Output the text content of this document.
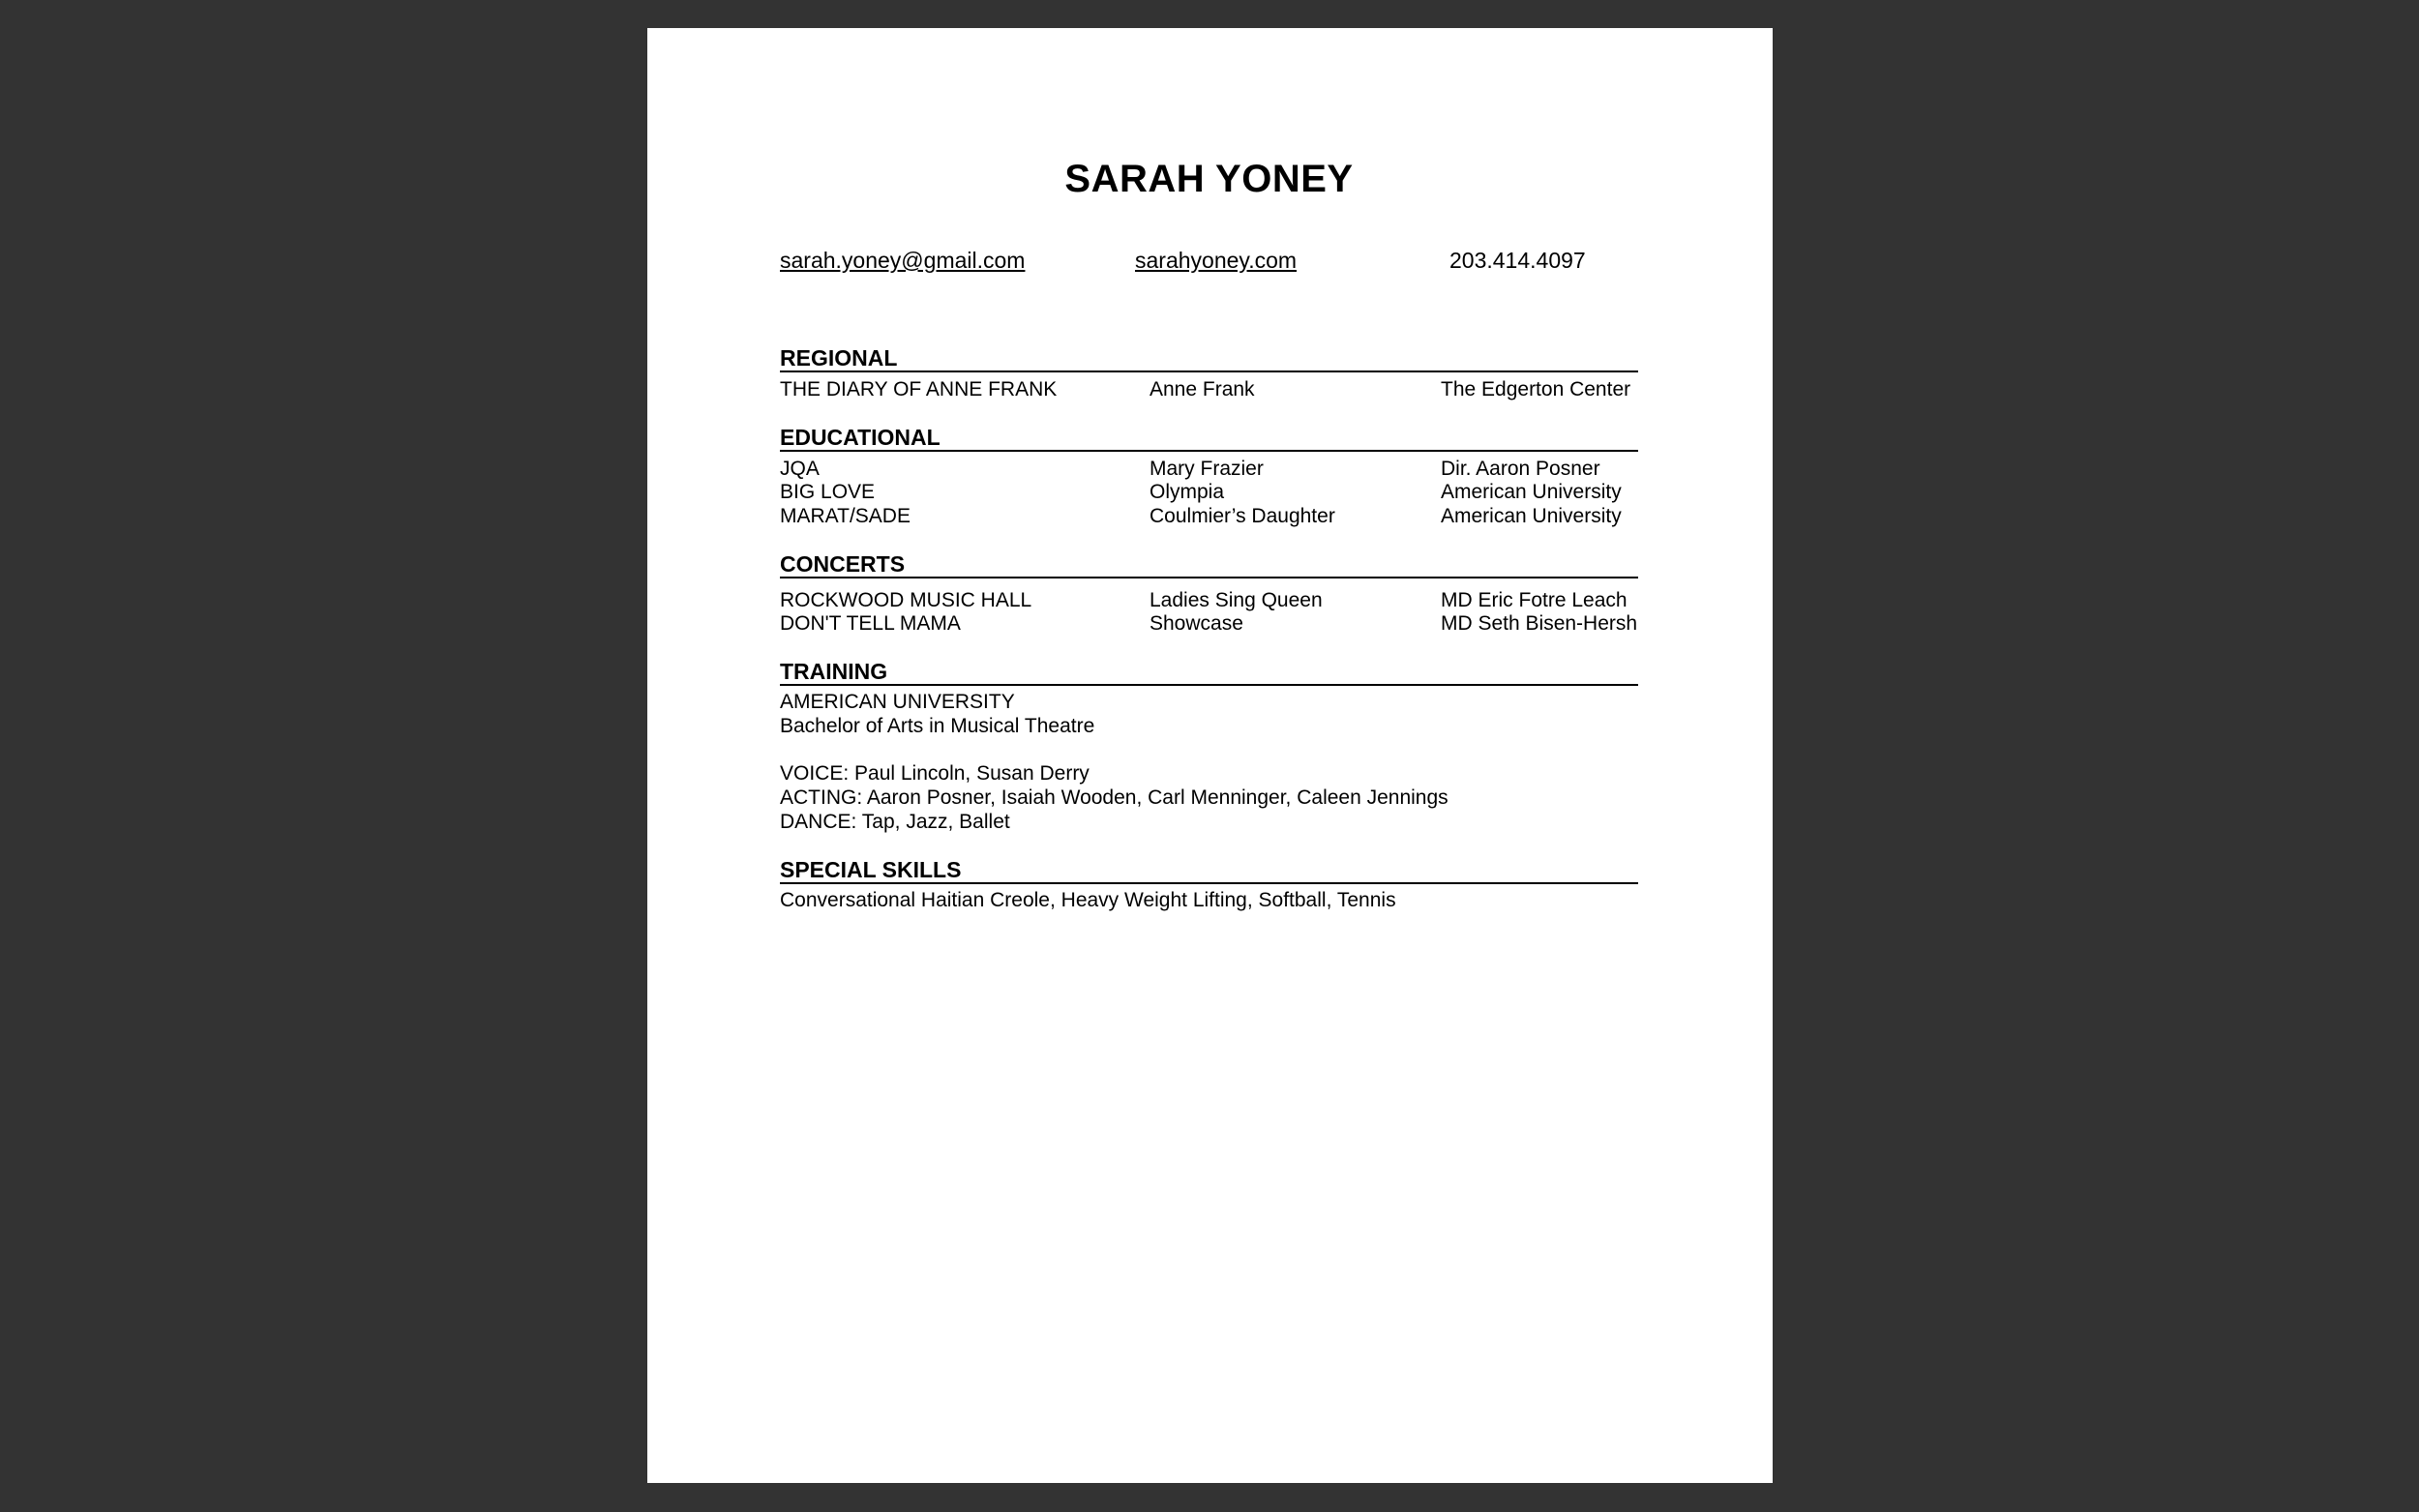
SARAH YONEY
sarah.yoney@gmail.com	sarahyoney.com	203.414.4097
REGIONAL
THE DIARY OF ANNE FRANK	Anne Frank	The Edgerton Center
EDUCATIONAL
JQA	Mary Frazier	Dir. Aaron Posner
BIG LOVE	Olympia	American University
MARAT/SADE	Coulmier’s Daughter	American University
CONCERTS
ROCKWOOD MUSIC HALL	Ladies Sing Queen	MD Eric Fotre Leach
DON'T TELL MAMA	Showcase	MD Seth Bisen-Hersh
TRAINING
AMERICAN UNIVERSITY
Bachelor of Arts in Musical Theatre
VOICE: Paul Lincoln, Susan Derry
ACTING: Aaron Posner, Isaiah Wooden, Carl Menninger, Caleen Jennings
DANCE: Tap, Jazz, Ballet
SPECIAL SKILLS
Conversational Haitian Creole, Heavy Weight Lifting, Softball, Tennis
